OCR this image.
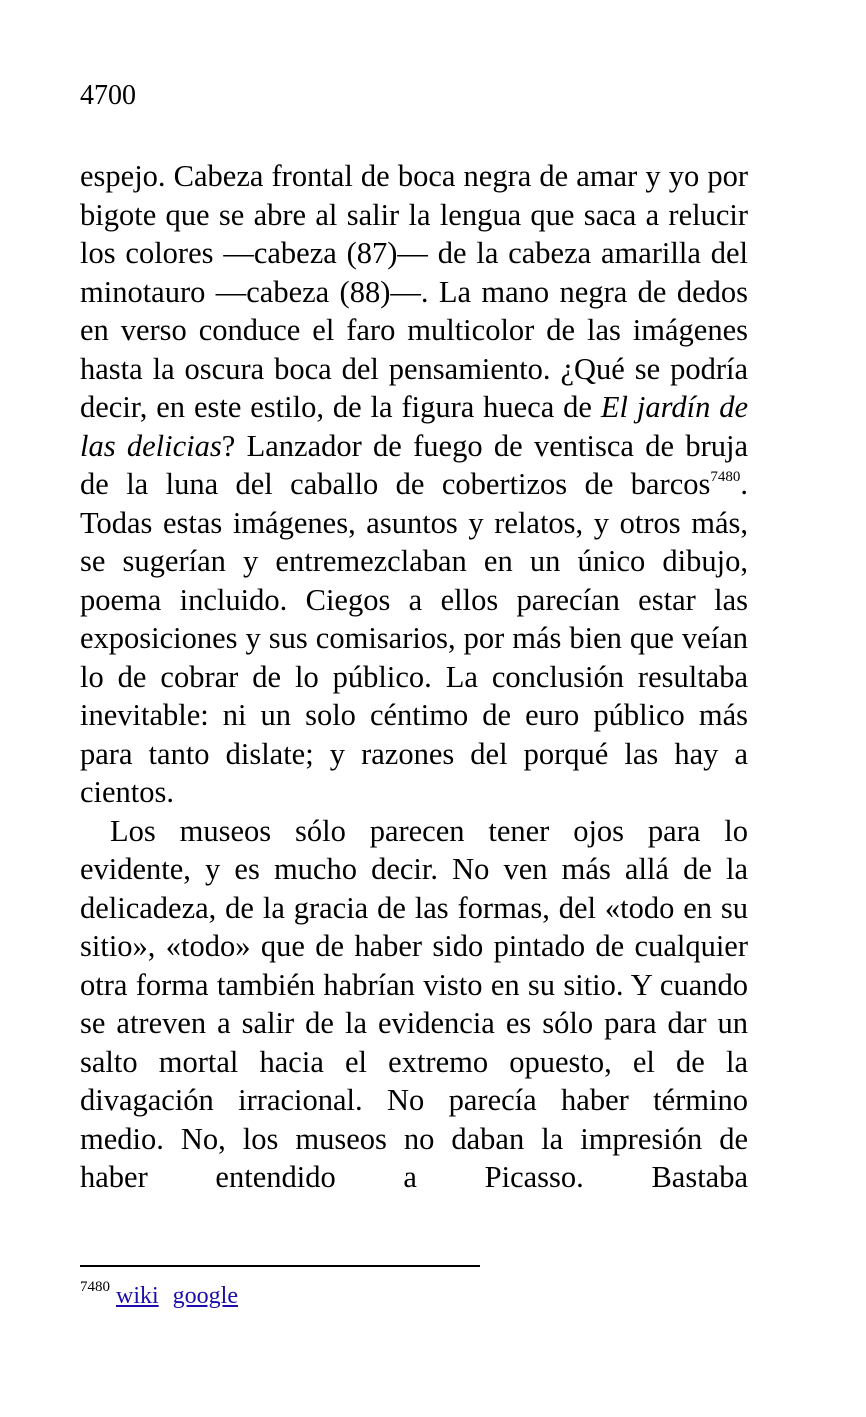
4700

espejo. Cabeza frontal de boca negra de amar y yo por bigote que se abre al salir la lengua que saca a relucir los colores —cabeza (87)— de la cabeza amarilla del minotauro —cabeza (88)—. La mano negra de dedos en verso conduce el faro multicolor de las imágenes hasta la oscura boca del pensamiento. ¿Qué se podría decir, en este estilo, de la figura hueca de El jardín de las delicias? Lanzador de fuego de ventisca de bruja de la luna del caballo de cobertizos de barcos$^{7480}$. Todas estas imágenes, asuntos y relatos, y otros más, se sugerían y entremezclaban en un único dibujo, poema incluido. Ciegos a ellos parecían estar las exposiciones y sus comisarios, por más bien que veían lo de cobrar de lo público. La conclusión resultaba inevitable: ni un solo céntimo de euro público más para tanto dislate; y razones del porqué las hay a cientos.

Los museos sólo parecen tener ojos para lo evidente, y es mucho decir. No ven más allá de la delicadeza, de la gracia de las formas, del «todo en su sitio», «todo» que de haber sido pintado de cualquier otra forma también habrían visto en su sitio. Y cuando se atreven a salir de la evidencia es sólo para dar un salto mortal hacia el extremo opuesto, el de la divagación irracional. No parecía haber término medio. No, los museos no daban la impresión de haber entendido a Picasso. Bastaba

$^{7480}$ wiki google
